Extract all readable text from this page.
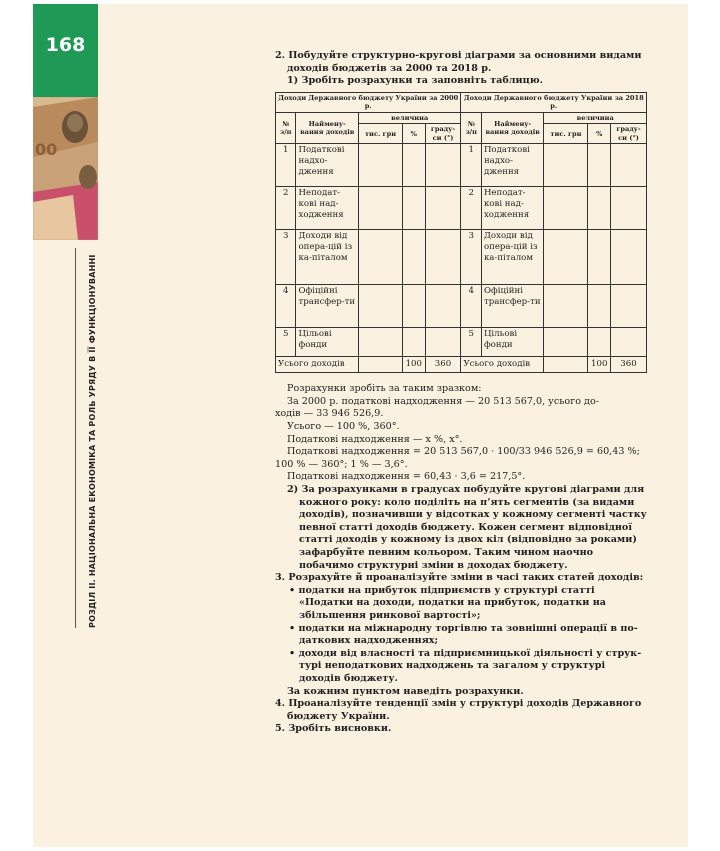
168
00
РОЗДІЛ ІІ. НАЦІОНАЛЬНА ЕКОНОМІКА ТА РОЛЬ УРЯДУ В ЇЇ ФУНКЦІОНУВАННІ

2. Побудуйте структурно-кругові діаграми за основними видами

доходів бюджетів за 2000 та 2018 р.

1) Зробіть розрахунки та заповніть таблицю.

Доходи Державного бюджету України за 2000 р.					Доходи Державного бюджету України за 2018 р.				
№ з/п	Наймену-вання доходів	величина			№ з/п	Наймену-вання доходів	величина		
		тис. грн	%	граду-си (°)			тис. грн	%	граду-си (°)
1	Податкові надхо-дження				1	Податкові надхо-дження			
2	Неподат-кові над-ходження				2	Неподат-кові над-ходження			
3	Доходи від опера-цій із ка-піталом				3	Доходи від опера-цій із ка-піталом			
4	Офіційні трансфер-ти				4	Офіційні трансфер-ти			
5	Цільові фонди				5	Цільові фонди			
Усього доходів			100	360	Усього доходів			100	360

Розрахунки зробіть за таким зразком:

За 2000 р. податкові надходження — 20 513 567,0, усього до-

ходів — 33 946 526,9.

Усього — 100 %, 360°.

Податкові надходження — x %, x°.

Податкові надходження = 20 513 567,0 · 100/33 946 526,9 = 60,43 %;

100 % — 360°; 1 % — 3,6°.

Податкові надходження = 60,43 · 3,6 = 217,5°.

2) За розрахунками в градусах побудуйте кругові діаграми для кожного року: коло поділіть на п’ять сегментів (за видами доходів), позначивши у відсотках у кожному сегменті частку певної статті доходів бюджету. Кожен сегмент відповідної статті доходів у кожному із двох кіл (відповідно за роками) зафарбуйте певним кольором. Таким чином наочно побачимо структурні зміни в доходах бюджету.

3. Розрахуйте й проаналізуйте зміни в часі таких статей доходів:

• податки на прибуток підприємств у структурі статті «Податки на доходи, податки на прибуток, податки на збільшення ринкової вартості»;

• податки на міжнародну торгівлю та зовнішні операції в по-даткових надходженнях;

• доходи від власності та підприємницької діяльності у струк-турі неподаткових надходжень та загалом у структурі доходів бюджету.

За кожним пунктом наведіть розрахунки.

4. Проаналізуйте тенденції змін у структурі доходів Державного бюджету України.

5. Зробіть висновки.
